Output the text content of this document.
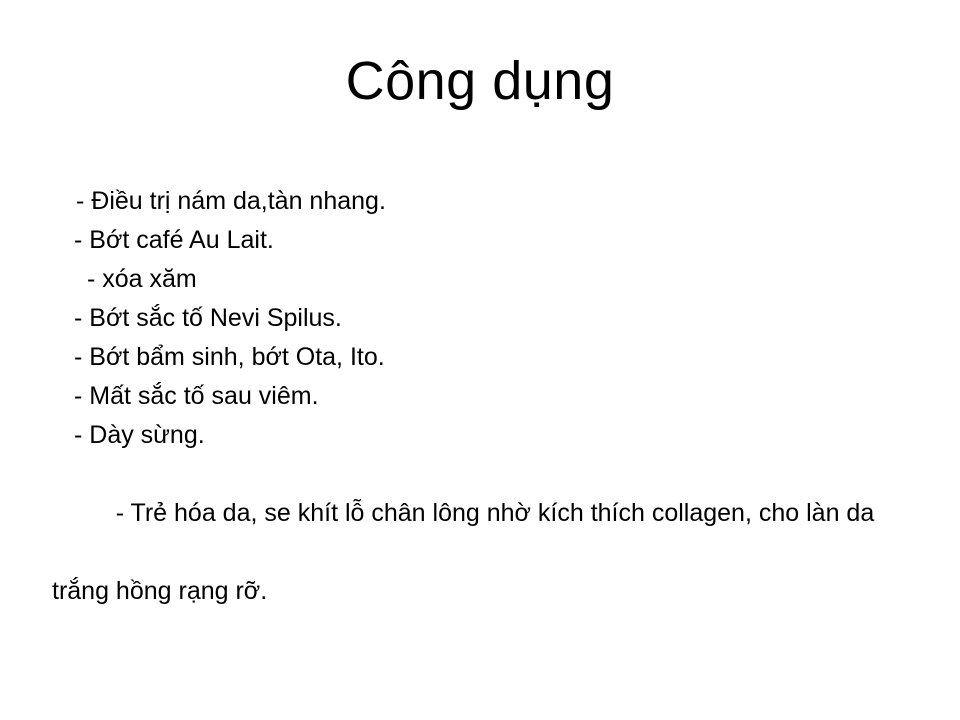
Công dụng
- Điều trị nám da,tàn nhang.
- Bớt café Au Lait.
- xóa xăm
- Bớt sắc tố Nevi Spilus.
- Bớt bẩm sinh, bớt Ota, Ito.
- Mất sắc tố sau viêm.
- Dày sừng.

- Trẻ hóa da, se khít lỗ chân lông nhờ kích thích collagen, cho làn da

trắng hồng rạng rỡ.
